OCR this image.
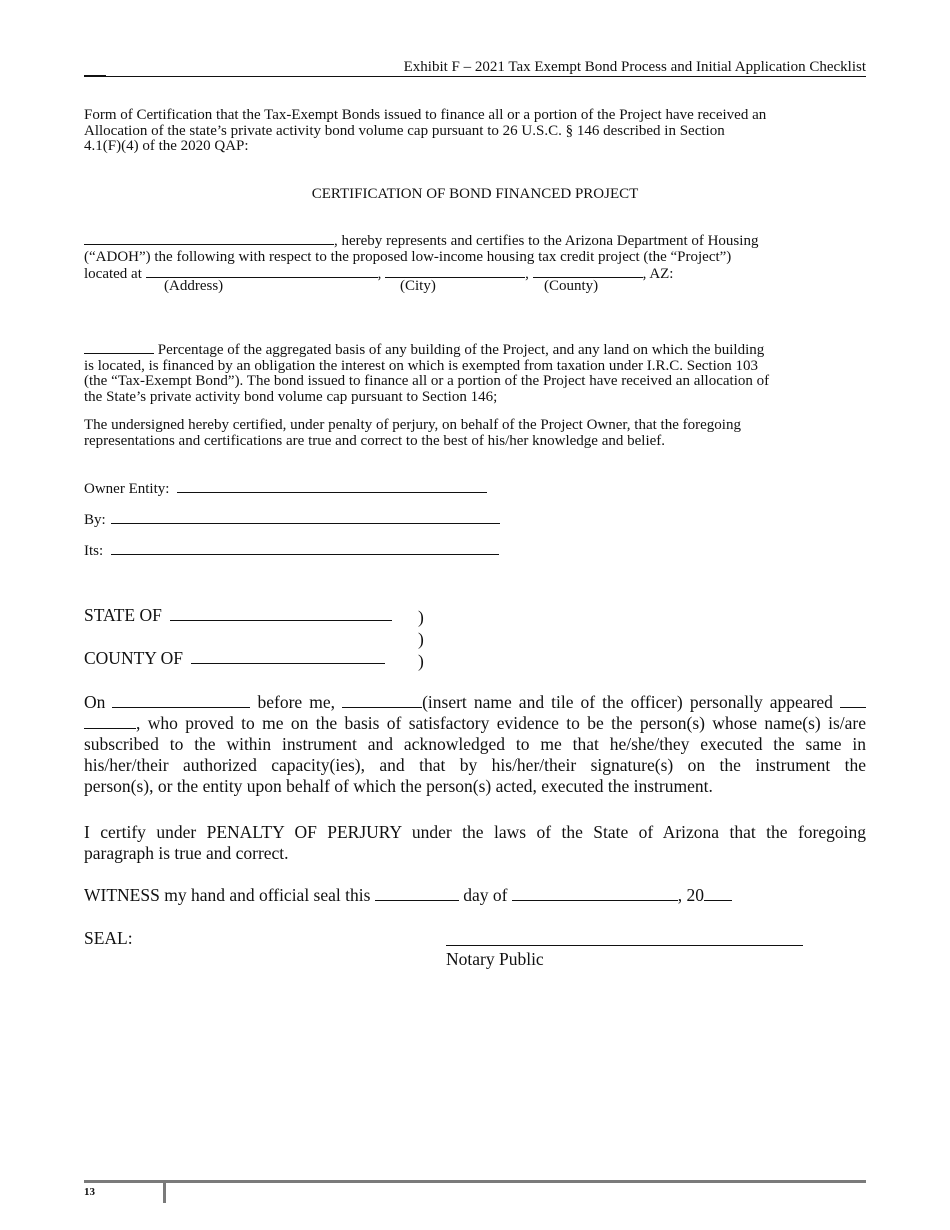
Exhibit F – 2021 Tax Exempt Bond Process and Initial Application Checklist
Form of Certification that the Tax-Exempt Bonds issued to finance all or a portion of the Project have received an
Allocation of the state’s private activity bond volume cap pursuant to 26 U.S.C. § 146 described in Section
4.1(F)(4) of the 2020 QAP:
CERTIFICATION OF BOND FINANCED PROJECT
, hereby represents and certifies to the Arizona Department of Housing
(“ADOH”) the following with respect to the proposed low-income housing tax credit project (the “Project”)
located at	,	,	, AZ:
(Address)	(City)	(County)
Percentage of the aggregated basis of any building of the Project, and any land on which the building
is located, is financed by an obligation the interest on which is exempted from taxation under I.R.C. Section 103
(the “Tax-Exempt Bond”). The bond issued to finance all or a portion of the Project have received an allocation of
the State’s private activity bond volume cap pursuant to Section 146;
The undersigned hereby certified, under penalty of perjury, on behalf of the Project Owner, that the foregoing
representations and certifications are true and correct to the best of his/her knowledge and belief.
Owner Entity:
By:
Its:
STATE OF
COUNTY OF
)
)
)
On	before me,	(insert name and tile of the officer) personally appeared
, who proved to me on the basis of satisfactory evidence to be the person(s) whose name(s) is/are
subscribed to the within instrument and acknowledged to me that he/she/they executed the same in
his/her/their authorized capacity(ies), and that by his/her/their signature(s) on the instrument the
person(s), or the entity upon behalf of which the person(s) acted, executed the instrument.
I certify under PENALTY OF PERJURY under the laws of the State of Arizona that the foregoing
paragraph is true and correct.
WITNESS my hand and official seal this	day of	, 20
SEAL:
Notary Public
13
